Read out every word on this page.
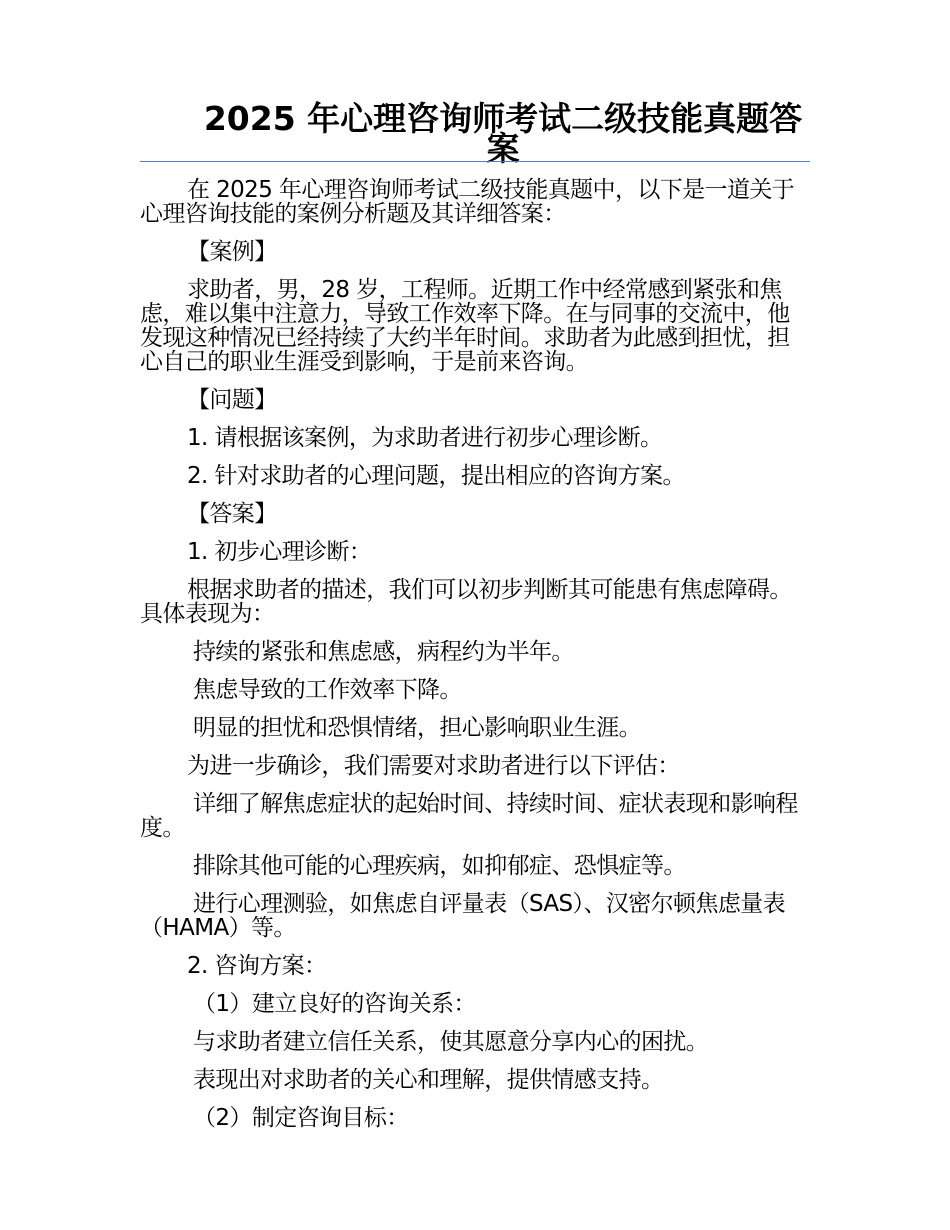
2025 年心理咨询师考试二级技能真题答案

在 2025 年心理咨询师考试二级技能真题中，以下是一道关于心理咨询技能的案例分析题及其详细答案：

【案例】

求助者，男，28 岁，工程师。近期工作中经常感到紧张和焦虑，难以集中注意力，导致工作效率下降。在与同事的交流中，他发现这种情况已经持续了大约半年时间。求助者为此感到担忧，担心自己的职业生涯受到影响，于是前来咨询。

【问题】

1. 请根据该案例，为求助者进行初步心理诊断。

2. 针对求助者的心理问题，提出相应的咨询方案。

【答案】

1. 初步心理诊断：

根据求助者的描述，我们可以初步判断其可能患有焦虑障碍。具体表现为：

持续的紧张和焦虑感，病程约为半年。

焦虑导致的工作效率下降。

明显的担忧和恐惧情绪，担心影响职业生涯。

为进一步确诊，我们需要对求助者进行以下评估：

详细了解焦虑症状的起始时间、持续时间、症状表现和影响程度。

排除其他可能的心理疾病，如抑郁症、恐惧症等。

进行心理测验，如焦虑自评量表（SAS）、汉密尔顿焦虑量表（HAMA）等。

2. 咨询方案：

（1）建立良好的咨询关系：

与求助者建立信任关系，使其愿意分享内心的困扰。

表现出对求助者的关心和理解，提供情感支持。

（2）制定咨询目标：
